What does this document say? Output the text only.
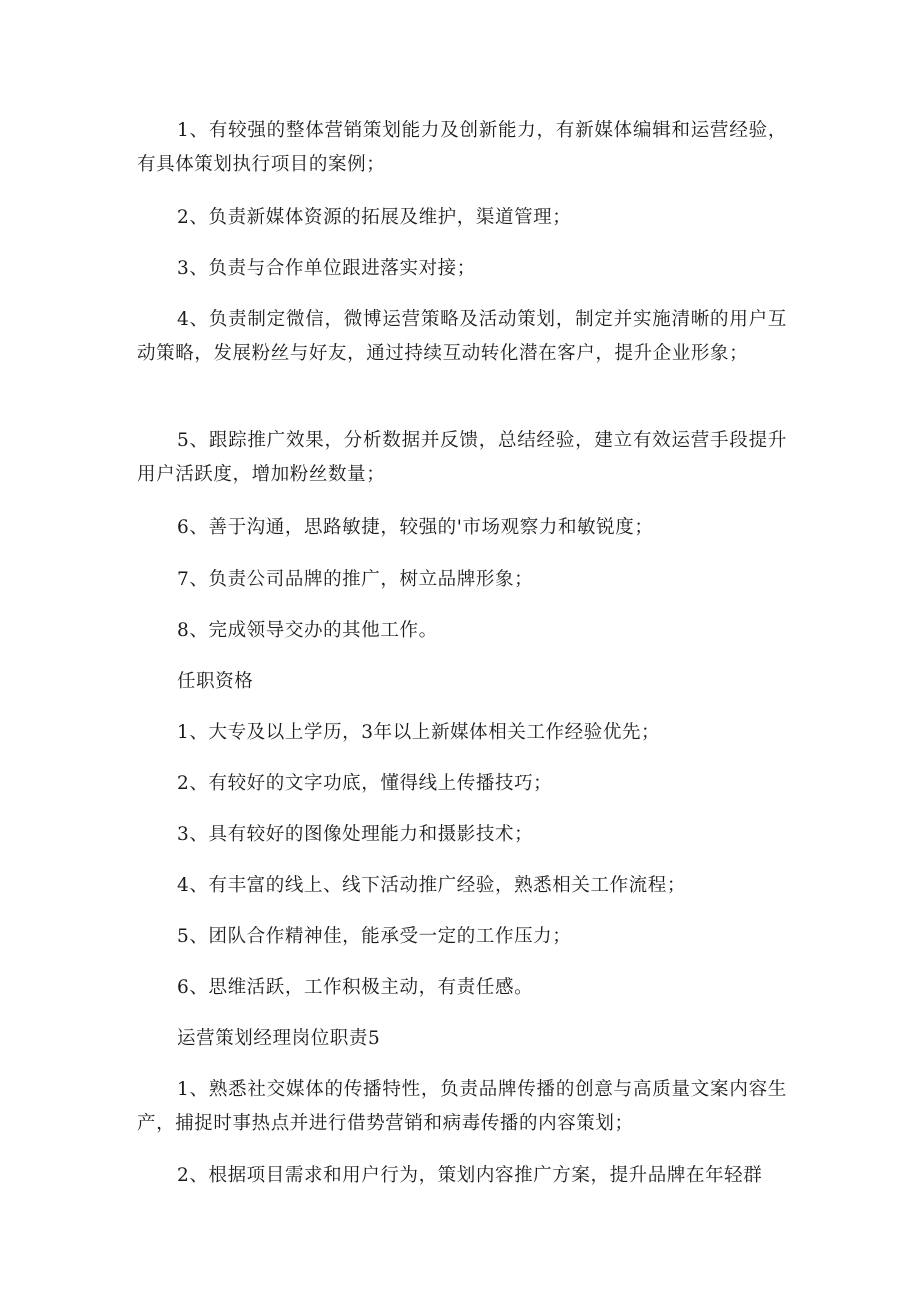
1、有较强的整体营销策划能力及创新能力，有新媒体编辑和运营经验，有具体策划执行项目的案例；

2、负责新媒体资源的拓展及维护，渠道管理；

3、负责与合作单位跟进落实对接；

4、负责制定微信，微博运营策略及活动策划，制定并实施清晰的用户互动策略，发展粉丝与好友，通过持续互动转化潜在客户，提升企业形象；

5、跟踪推广效果，分析数据并反馈，总结经验，建立有效运营手段提升用户活跃度，增加粉丝数量；

6、善于沟通，思路敏捷，较强的'市场观察力和敏锐度；

7、负责公司品牌的推广，树立品牌形象；

8、完成领导交办的其他工作。

任职资格

1、大专及以上学历，3年以上新媒体相关工作经验优先；

2、有较好的文字功底，懂得线上传播技巧；

3、具有较好的图像处理能力和摄影技术；

4、有丰富的线上、线下活动推广经验，熟悉相关工作流程；

5、团队合作精神佳，能承受一定的工作压力；

6、思维活跃，工作积极主动，有责任感。

运营策划经理岗位职责5

1、熟悉社交媒体的传播特性，负责品牌传播的创意与高质量文案内容生产，捕捉时事热点并进行借势营销和病毒传播的内容策划；

2、根据项目需求和用户行为，策划内容推广方案，提升品牌在年轻群
